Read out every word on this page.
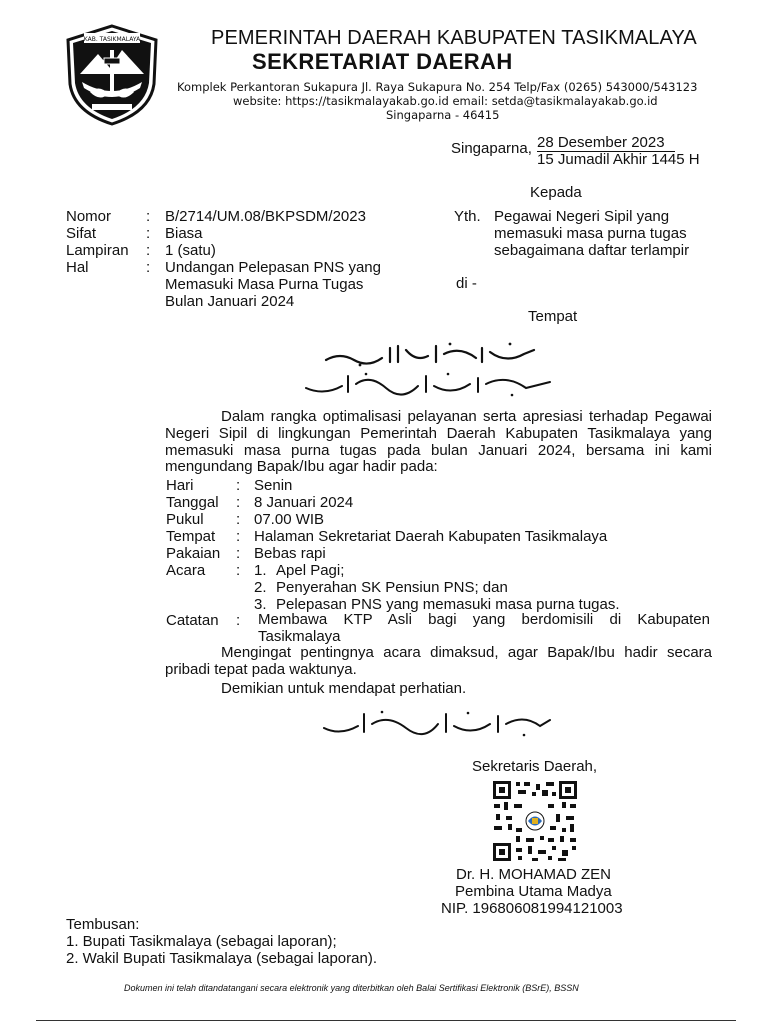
KAB. TASIKMALAYA	PEMERINTAH DAERAH KABUPATEN TASIKMALAYA
SEKRETARIAT DAERAH
Komplek Perkantoran Sukapura Jl. Raya Sukapura No. 254 Telp/Fax (0265) 543000/543123
website: https://tasikmalayakab.go.id email: setda@tasikmalayakab.go.id
Singaparna - 46415
Singaparna, 28 Desember 2023
15 Jumadil Akhir 1445 H
Kepada
Yth. Pegawai Negeri Sipil yang
memasuki masa purna tugas
sebagaimana daftar terlampir
di -
Tempat
Nomor : B/2714/UM.08/BKPSDM/2023
Sifat	: Biasa
Lampiran : 1 (satu)
Hal	: Undangan Pelepasan PNS yang
Memasuki Masa Purna Tugas
Bulan Januari 2024
Dalam rangka optimalisasi pelayanan serta apresiasi terhadap Pegawai
Negeri Sipil di lingkungan Pemerintah Daerah Kabupaten Tasikmalaya yang
memasuki masa purna tugas pada bulan Januari 2024, bersama ini kami
mengundang Bapak/Ibu agar hadir pada:
Hari	: Senin
Tanggal : 8 Januari 2024
Pukul : 07.00 WIB
Tempat : Halaman Sekretariat Daerah Kabupaten Tasikmalaya
Pakaian : Bebas rapi
Acara : 1. Apel Pagi;
2. Penyerahan SK Pensiun PNS; dan
3. Pelepasan PNS yang memasuki masa purna tugas.
Catatan : Membawa KTP Asli bagi yang berdomisili di Kabupaten
Tasikmalaya
Mengingat pentingnya acara dimaksud, agar Bapak/Ibu hadir secara
pribadi tepat pada waktunya.
Demikian untuk mendapat perhatian.
Sekretaris Daerah,
Dr. H. MOHAMAD ZEN
Pembina Utama Madya
NIP. 196806081994121003
Tembusan:
1. Bupati Tasikmalaya (sebagai laporan);
2. Wakil Bupati Tasikmalaya (sebagai laporan).
Dokumen ini telah ditandatangani secara elektronik yang diterbitkan oleh Balai Sertifikasi Elektronik (BSrE), BSSN
